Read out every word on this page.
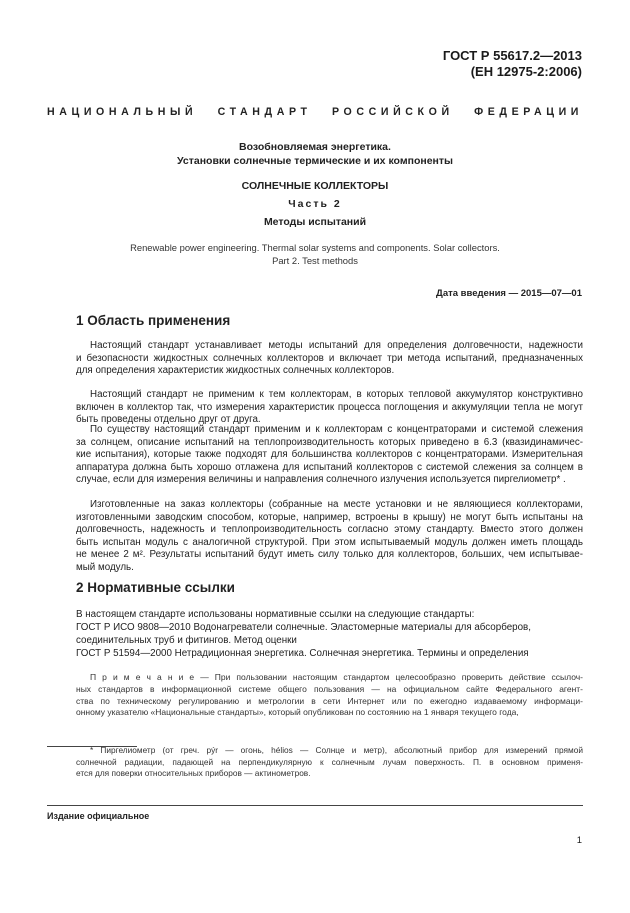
ГОСТ Р 55617.2—2013
(ЕН 12975-2:2006)
НАЦИОНАЛЬНЫЙ СТАНДАРТ РОССИЙСКОЙ ФЕДЕРАЦИИ
Возобновляемая энергетика.
Установки солнечные термические и их компоненты
СОЛНЕЧНЫЕ КОЛЛЕКТОРЫ
Часть 2
Методы испытаний
Renewable power engineering. Thermal solar systems and components. Solar collectors.
Part 2. Test methods
Дата введения — 2015—07—01
1 Область применения
Настоящий стандарт устанавливает методы испытаний для определения долговечности, надежности
и безопасности жидкостных солнечных коллекторов и включает три метода испытаний, предназначенных
для определения характеристик жидкостных солнечных коллекторов.
Настоящий стандарт не применим к тем коллекторам, в которых тепловой аккумулятор конструктивно
включен в коллектор так, что измерения характеристик процесса поглощения и аккумуляции тепла не могут
быть проведены отдельно друг от друга.
По существу настоящий стандарт применим и к коллекторам с концентраторами и системой слежения
за солнцем, описание испытаний на теплопроизводительность которых приведено в 6.3 (квазидинамичес-
кие испытания), которые также подходят для большинства коллекторов с концентраторами. Измерительная
аппаратура должна быть хорошо отлажена для испытаний коллекторов с системой слежения за солнцем в
случае, если для измерения величины и направления солнечного излучения используется пиргелиометр* .
Изготовленные на заказ коллекторы (собранные на месте установки и не являющиеся коллекторами,
изготовленными заводским способом, которые, например, встроены в крышу) не могут быть испытаны на
долговечность, надежность и теплопроизводительность согласно этому стандарту. Вместо этого должен
быть испытан модуль с аналогичной структурой. При этом испытываемый модуль должен иметь площадь
не менее 2 м². Результаты испытаний будут иметь силу только для коллекторов, больших, чем испытывае-
мый модуль.
2 Нормативные ссылки
В настоящем стандарте использованы нормативные ссылки на следующие стандарты:
ГОСТ Р ИСО 9808—2010 Водонагреватели солнечные. Эластомерные материалы для абсорберов,
соединительных труб и фитингов. Метод оценки
ГОСТ Р 51594—2000 Нетрадиционная энергетика. Солнечная энергетика. Термины и определения
П р и м е ч а н и е — При пользовании настоящим стандартом целесообразно проверить действие ссылоч-
ных стандартов в информационной системе общего пользования — на официальном сайте Федерального агент-
ства по техническому регулированию и метрологии в сети Интернет или по ежегодно издаваемому информаци-
онному указателю «Национальные стандарты», который опубликован по состоянию на 1 января текущего года,
* Пиргелиометр (от греч. pýr — огонь, hélios — Солнце и метр), абсолютный прибор для измерений прямой
солнечной радиации, падающей на перпендикулярную к солнечным лучам поверхность. П. в основном применя-
ется для поверки относительных приборов — актинометров.
Издание официальное
1
